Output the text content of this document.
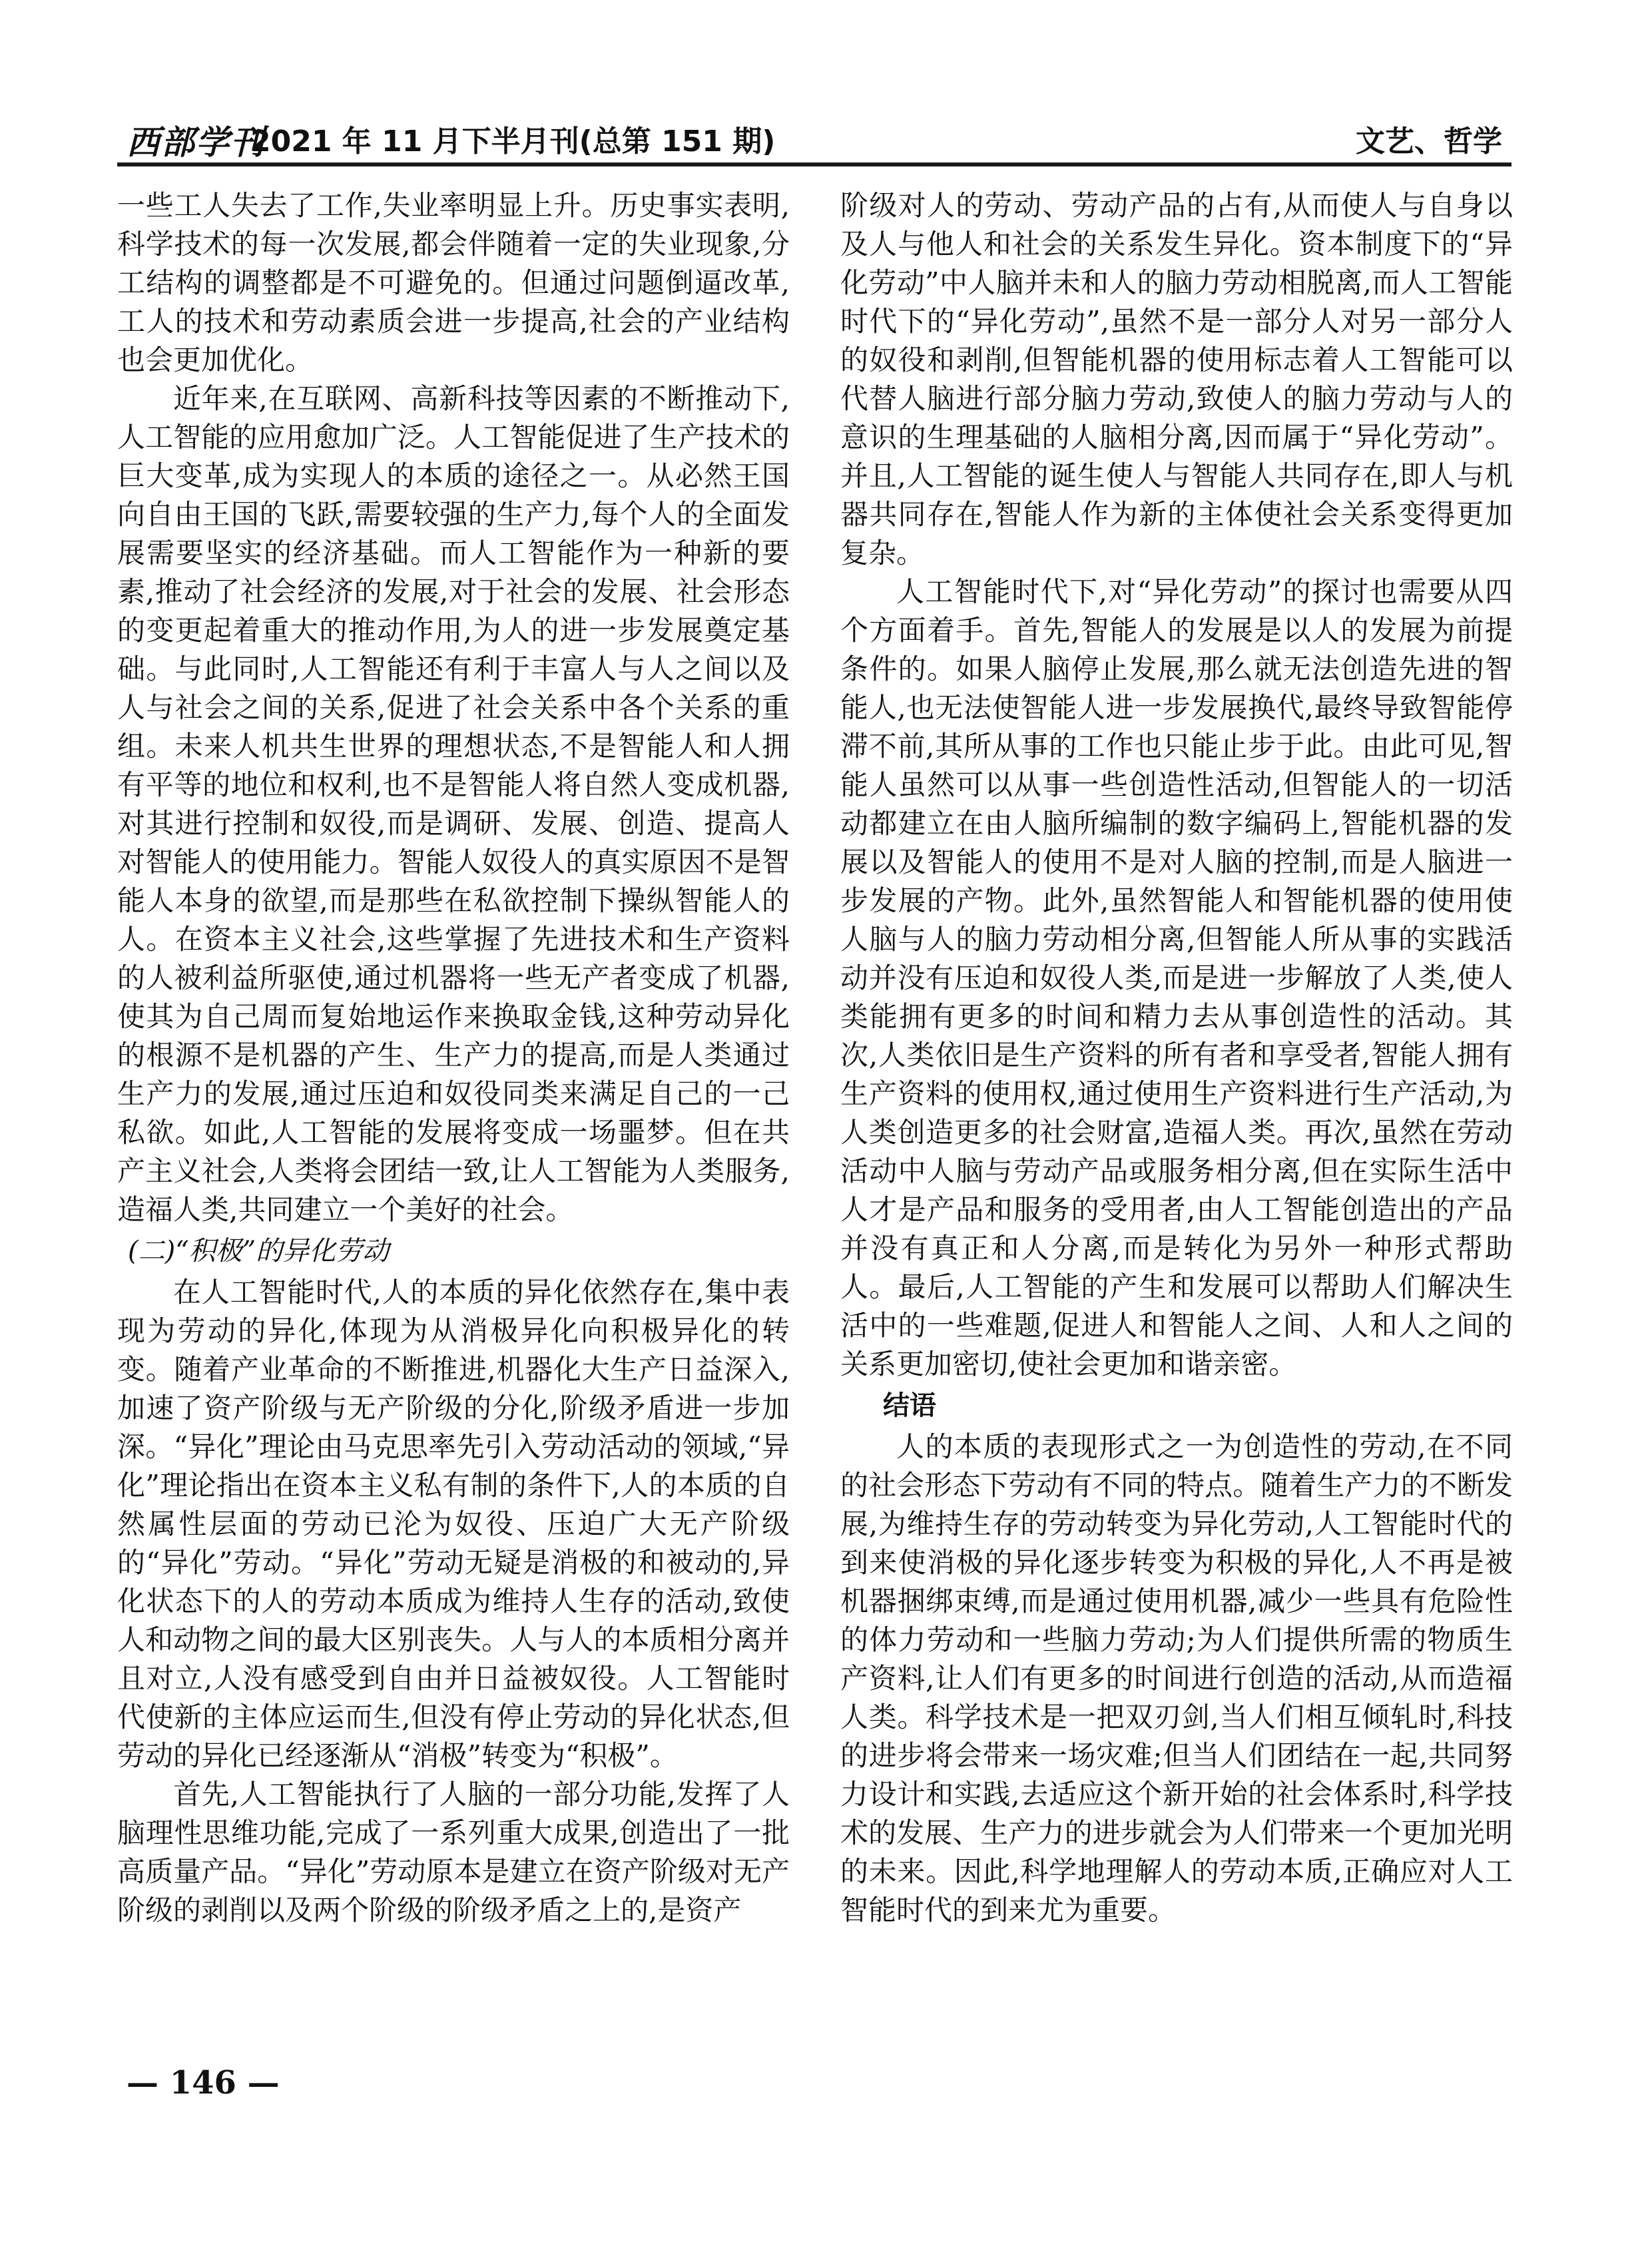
西部学刊
2021 年 11 月下半月刊(总第 151 期)	文艺、哲学

一些工人失去了工作,失业率明显上升。历史事实表明,科学技术的每一次发展,都会伴随着一定的失业现象,分工结构的调整都是不可避免的。但通过问题倒逼改革,工人的技术和劳动素质会进一步提高,社会的产业结构也会更加优化。

近年来,在互联网、高新科技等因素的不断推动下,人工智能的应用愈加广泛。人工智能促进了生产技术的巨大变革,成为实现人的本质的途径之一。从必然王国向自由王国的飞跃,需要较强的生产力,每个人的全面发展需要坚实的经济基础。而人工智能作为一种新的要素,推动了社会经济的发展,对于社会的发展、社会形态的变更起着重大的推动作用,为人的进一步发展奠定基础。与此同时,人工智能还有利于丰富人与人之间以及人与社会之间的关系,促进了社会关系中各个关系的重组。未来人机共生世界的理想状态,不是智能人和人拥有平等的地位和权利,也不是智能人将自然人变成机器,对其进行控制和奴役,而是调研、发展、创造、提高人对智能人的使用能力。智能人奴役人的真实原因不是智能人本身的欲望,而是那些在私欲控制下操纵智能人的人。在资本主义社会,这些掌握了先进技术和生产资料的人被利益所驱使,通过机器将一些无产者变成了机器,使其为自己周而复始地运作来换取金钱,这种劳动异化的根源不是机器的产生、生产力的提高,而是人类通过生产力的发展,通过压迫和奴役同类来满足自己的一己私欲。如此,人工智能的发展将变成一场噩梦。但在共产主义社会,人类将会团结一致,让人工智能为人类服务,造福人类,共同建立一个美好的社会。

(二)“积极”的异化劳动

在人工智能时代,人的本质的异化依然存在,集中表现为劳动的异化,体现为从消极异化向积极异化的转变。随着产业革命的不断推进,机器化大生产日益深入,加速了资产阶级与无产阶级的分化,阶级矛盾进一步加深。“异化”理论由马克思率先引入劳动活动的领域,“异化”理论指出在资本主义私有制的条件下,人的本质的自然属性层面的劳动已沦为奴役、压迫广大无产阶级的“异化”劳动。“异化”劳动无疑是消极的和被动的,异化状态下的人的劳动本质成为维持人生存的活动,致使人和动物之间的最大区别丧失。人与人的本质相分离并且对立,人没有感受到自由并日益被奴役。人工智能时代使新的主体应运而生,但没有停止劳动的异化状态,但劳动的异化已经逐渐从“消极”转变为“积极”。

首先,人工智能执行了人脑的一部分功能,发挥了人脑理性思维功能,完成了一系列重大成果,创造出了一批高质量产品。“异化”劳动原本是建立在资产阶级对无产阶级的剥削以及两个阶级的阶级矛盾之上的,是资产

阶级对人的劳动、劳动产品的占有,从而使人与自身以及人与他人和社会的关系发生异化。资本制度下的“异化劳动”中人脑并未和人的脑力劳动相脱离,而人工智能时代下的“异化劳动”,虽然不是一部分人对另一部分人的奴役和剥削,但智能机器的使用标志着人工智能可以代替人脑进行部分脑力劳动,致使人的脑力劳动与人的意识的生理基础的人脑相分离,因而属于“异化劳动”。并且,人工智能的诞生使人与智能人共同存在,即人与机器共同存在,智能人作为新的主体使社会关系变得更加复杂。

人工智能时代下,对“异化劳动”的探讨也需要从四个方面着手。首先,智能人的发展是以人的发展为前提条件的。如果人脑停止发展,那么就无法创造先进的智能人,也无法使智能人进一步发展换代,最终导致智能停滞不前,其所从事的工作也只能止步于此。由此可见,智能人虽然可以从事一些创造性活动,但智能人的一切活动都建立在由人脑所编制的数字编码上,智能机器的发展以及智能人的使用不是对人脑的控制,而是人脑进一步发展的产物。此外,虽然智能人和智能机器的使用使人脑与人的脑力劳动相分离,但智能人所从事的实践活动并没有压迫和奴役人类,而是进一步解放了人类,使人类能拥有更多的时间和精力去从事创造性的活动。其次,人类依旧是生产资料的所有者和享受者,智能人拥有生产资料的使用权,通过使用生产资料进行生产活动,为人类创造更多的社会财富,造福人类。再次,虽然在劳动活动中人脑与劳动产品或服务相分离,但在实际生活中人才是产品和服务的受用者,由人工智能创造出的产品并没有真正和人分离,而是转化为另外一种形式帮助人。最后,人工智能的产生和发展可以帮助人们解决生活中的一些难题,促进人和智能人之间、人和人之间的关系更加密切,使社会更加和谐亲密。

结语

人的本质的表现形式之一为创造性的劳动,在不同的社会形态下劳动有不同的特点。随着生产力的不断发展,为维持生存的劳动转变为异化劳动,人工智能时代的到来使消极的异化逐步转变为积极的异化,人不再是被机器捆绑束缚,而是通过使用机器,减少一些具有危险性的体力劳动和一些脑力劳动;为人们提供所需的物质生产资料,让人们有更多的时间进行创造的活动,从而造福人类。科学技术是一把双刃剑,当人们相互倾轧时,科技的进步将会带来一场灾难;但当人们团结在一起,共同努力设计和实践,去适应这个新开始的社会体系时,科学技术的发展、生产力的进步就会为人们带来一个更加光明的未来。因此,科学地理解人的劳动本质,正确应对人工智能时代的到来尤为重要。

— 146 —
